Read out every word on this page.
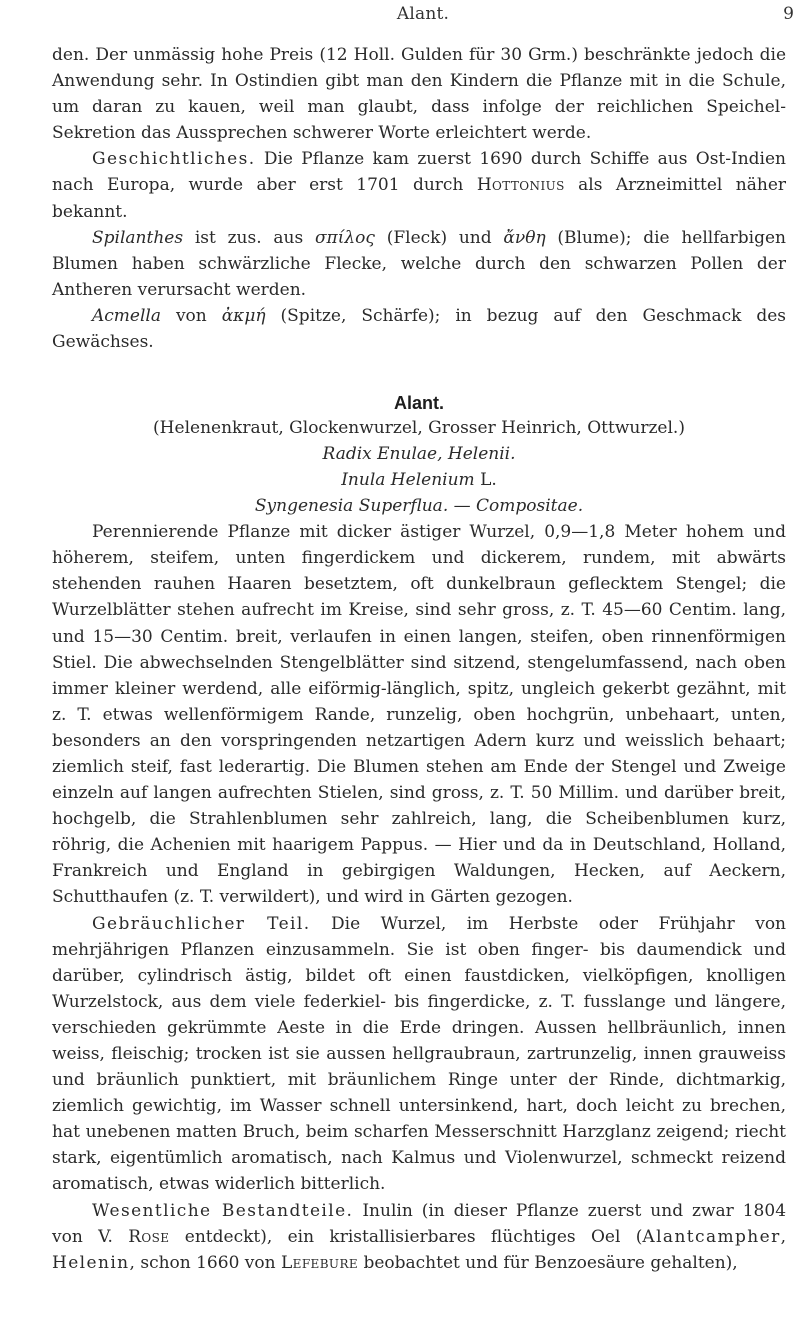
Alant.	9

den. Der unmässig hohe Preis (12 Holl. Gulden für 30 Grm.) beschränkte jedoch die Anwendung sehr. In Ostindien gibt man den Kindern die Pflanze mit in die Schule, um daran zu kauen, weil man glaubt, dass infolge der reichlichen Speichel-Sekretion das Aussprechen schwerer Worte erleichtert werde.

Geschichtliches. Die Pflanze kam zuerst 1690 durch Schiffe aus Ost-Indien nach Europa, wurde aber erst 1701 durch Hottonius als Arzneimittel näher bekannt.

Spilanthes ist zus. aus σπίλος (Fleck) und ἄνθη (Blume); die hellfarbigen Blumen haben schwärzliche Flecke, welche durch den schwarzen Pollen der Antheren verursacht werden.

Acmella von ἀκμή (Spitze, Schärfe); in bezug auf den Geschmack des Gewächses.

Alant.
(Helenenkraut, Glockenwurzel, Grosser Heinrich, Ottwurzel.)
Radix Enulae, Helenii.
Inula Helenium L.
Syngenesia Superflua. — Compositae.

Perennierende Pflanze mit dicker ästiger Wurzel, 0,9—1,8 Meter hohem und höherem, steifem, unten fingerdickem und dickerem, rundem, mit abwärts stehenden rauhen Haaren besetztem, oft dunkelbraun geflecktem Stengel; die Wurzelblätter stehen aufrecht im Kreise, sind sehr gross, z. T. 45—60 Centim. lang, und 15—30 Centim. breit, verlaufen in einen langen, steifen, oben rinnenförmigen Stiel. Die abwechselnden Stengelblätter sind sitzend, stengelumfassend, nach oben immer kleiner werdend, alle eiförmig-länglich, spitz, ungleich gekerbt gezähnt, mit z. T. etwas wellenförmigem Rande, runzelig, oben hochgrün, unbehaart, unten, besonders an den vorspringenden netzartigen Adern kurz und weisslich behaart; ziemlich steif, fast lederartig. Die Blumen stehen am Ende der Stengel und Zweige einzeln auf langen aufrechten Stielen, sind gross, z. T. 50 Millim. und darüber breit, hochgelb, die Strahlenblumen sehr zahlreich, lang, die Scheibenblumen kurz, röhrig, die Achenien mit haarigem Pappus. — Hier und da in Deutschland, Holland, Frankreich und England in gebirgigen Waldungen, Hecken, auf Aeckern, Schutthaufen (z. T. verwildert), und wird in Gärten gezogen.

Gebräuchlicher Teil. Die Wurzel, im Herbste oder Frühjahr von mehrjährigen Pflanzen einzusammeln. Sie ist oben finger- bis daumendick und darüber, cylindrisch ästig, bildet oft einen faustdicken, vielköpfigen, knolligen Wurzelstock, aus dem viele federkiel- bis fingerdicke, z. T. fusslange und längere, verschieden gekrümmte Aeste in die Erde dringen. Aussen hellbräunlich, innen weiss, fleischig; trocken ist sie aussen hellgraubraun, zartrunzelig, innen grauweiss und bräunlich punktiert, mit bräunlichem Ringe unter der Rinde, dichtmarkig, ziemlich gewichtig, im Wasser schnell untersinkend, hart, doch leicht zu brechen, hat unebenen matten Bruch, beim scharfen Messerschnitt Harzglanz zeigend; riecht stark, eigentümlich aromatisch, nach Kalmus und Violenwurzel, schmeckt reizend aromatisch, etwas widerlich bitterlich.

Wesentliche Bestandteile. Inulin (in dieser Pflanze zuerst und zwar 1804 von V. Rose entdeckt), ein kristallisierbares flüchtiges Oel (Alantcampher, Helenin, schon 1660 von Lefebure beobachtet und für Benzoesäure gehalten),
